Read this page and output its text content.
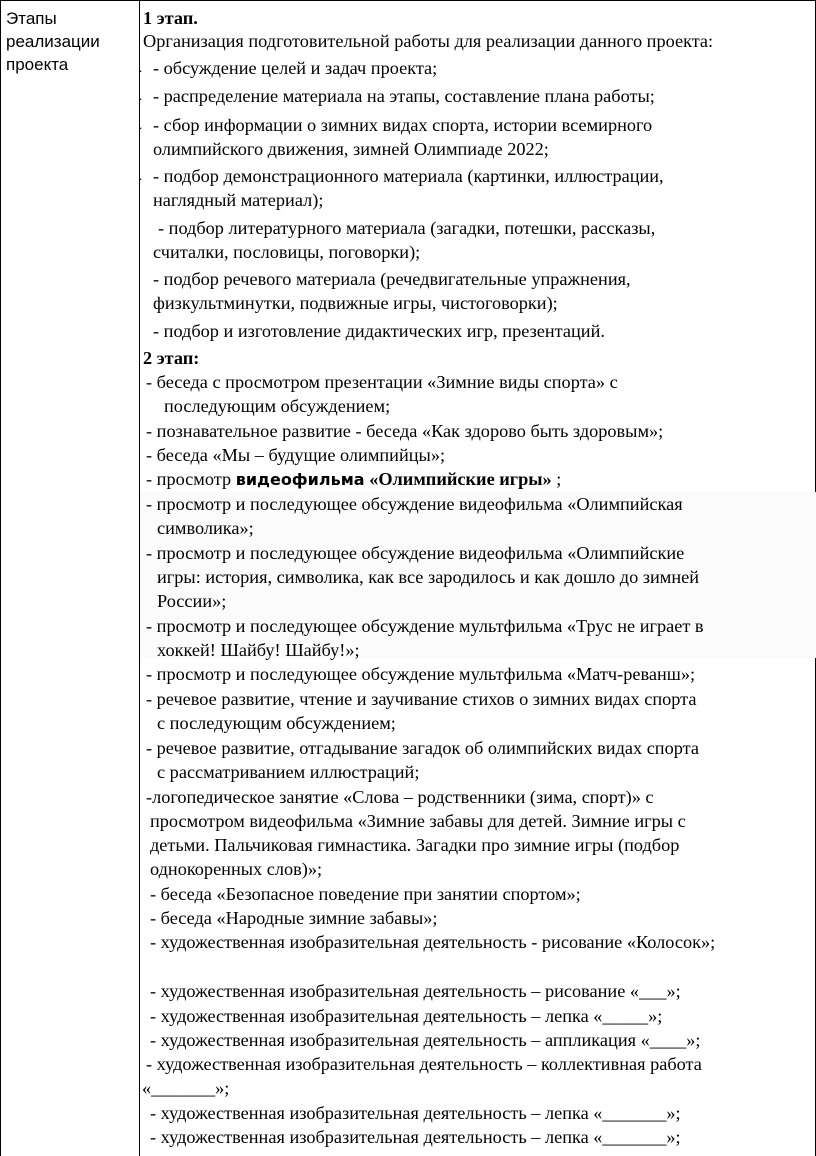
Этапы
реализации
проекта
1 этап.
Организация подготовительной работы для реализации данного проекта:
. - обсуждение целей и задач проекта;
. - распределение материала на этапы, составление плана работы;
. - сбор информации о зимних видах спорта, истории всемирного
олимпийского движения, зимней Олимпиаде 2022;
. - подбор демонстрационного материала (картинки, иллюстрации,
наглядный материал);
- подбор литературного материала (загадки, потешки, рассказы,
считалки, пословицы, поговорки);
- подбор речевого материала (речедвигательные упражнения,
физкультминутки, подвижные игры, чистоговорки);
- подбор и изготовление дидактических игр, презентаций.
2 этап:
- беседа с просмотром презентации «Зимние виды спорта» с
последующим обсуждением;
- познавательное развитие - беседа «Как здорово быть здоровым»;
- беседа «Мы – будущие олимпийцы»;
- просмотр видеофильма «Олимпийские игры» ;
- просмотр и последующее обсуждение видеофильма «Олимпийская
символика»;
- просмотр и последующее обсуждение видеофильма «Олимпийские
игры: история, символика, как все зародилось и как дошло до зимней
России»;
- просмотр и последующее обсуждение мультфильма «Трус не играет в
хоккей! Шайбу! Шайбу!»;
- просмотр и последующее обсуждение мультфильма «Матч-реванш»;
- речевое развитие, чтение и заучивание стихов о зимних видах спорта
с последующим обсуждением;
- речевое развитие, отгадывание загадок об олимпийских видах спорта
с рассматриванием иллюстраций;
-логопедическое занятие «Слова – родственники (зима, спорт)» с
просмотром видеофильма «Зимние забавы для детей. Зимние игры с
детьми. Пальчиковая гимнастика. Загадки про зимние игры (подбор
однокоренных слов)»;
- беседа «Безопасное поведение при занятии спортом»;
- беседа «Народные зимние забавы»;
- художественная изобразительная деятельность - рисование «Колосок»;
- художественная изобразительная деятельность – рисование «___»;
- художественная изобразительная деятельность – лепка «_____»;
- художественная изобразительная деятельность – аппликация «____»;
- художественная изобразительная деятельность – коллективная работа
«_______»;
- художественная изобразительная деятельность – лепка «_______»;
- художественная изобразительная деятельность – лепка «_______»;
